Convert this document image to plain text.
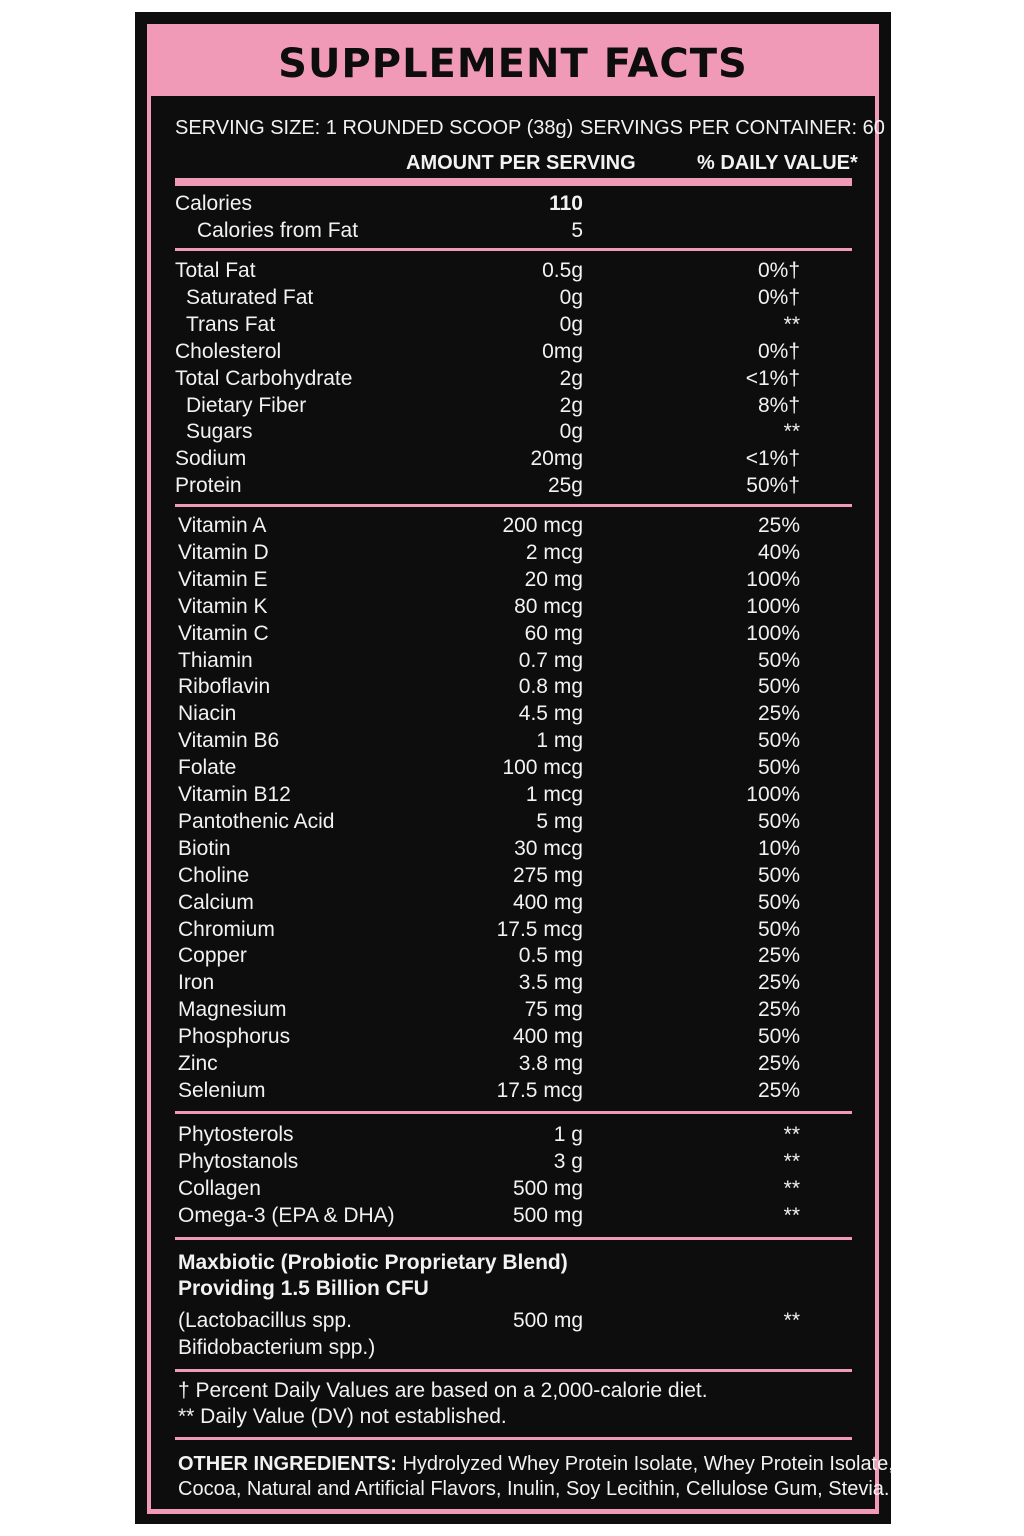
SUPPLEMENT FACTS
SERVING SIZE: 1 ROUNDED SCOOP (38g) SERVINGS PER CONTAINER: 60
AMOUNT PER SERVING	% DAILY VALUE*
Calories	110
Calories from Fat	5
Total Fat	0.5g	0%†
Saturated Fat	0g	0%†
Trans Fat	0g	**
Cholesterol	0mg	0%†
Total Carbohydrate	2g	<1%†
Dietary Fiber	2g	8%†
Sugars	0g	**
Sodium	20mg	<1%†
Protein	25g	50%†
Vitamin A	200 mcg	25%
Vitamin D	2 mcg	40%
Vitamin E	20 mg	100%
Vitamin K	80 mcg	100%
Vitamin C	60 mg	100%
Thiamin	0.7 mg	50%
Riboflavin	0.8 mg	50%
Niacin	4.5 mg	25%
Vitamin B6	1 mg	50%
Folate	100 mcg	50%
Vitamin B12	1 mcg	100%
Pantothenic Acid	5 mg	50%
Biotin	30 mcg	10%
Choline	275 mg	50%
Calcium	400 mg	50%
Chromium	17.5 mcg	50%
Copper	0.5 mg	25%
Iron	3.5 mg	25%
Magnesium	75 mg	25%
Phosphorus	400 mg	50%
Zinc	3.8 mg	25%
Selenium	17.5 mcg	25%
Phytosterols	1 g	**
Phytostanols	3 g	**
Collagen	500 mg	**
Omega-3 (EPA & DHA)	500 mg	**
Maxbiotic (Probiotic Proprietary Blend)
Providing 1.5 Billion CFU
(Lactobacillus spp.
Bifidobacterium spp.)
500 mg	**
† Percent Daily Values are based on a 2,000-calorie diet.
** Daily Value (DV) not established.
OTHER INGREDIENTS: Hydrolyzed Whey Protein Isolate, Whey Protein Isolate,
Cocoa, Natural and Artificial Flavors, Inulin, Soy Lecithin, Cellulose Gum, Stevia.
